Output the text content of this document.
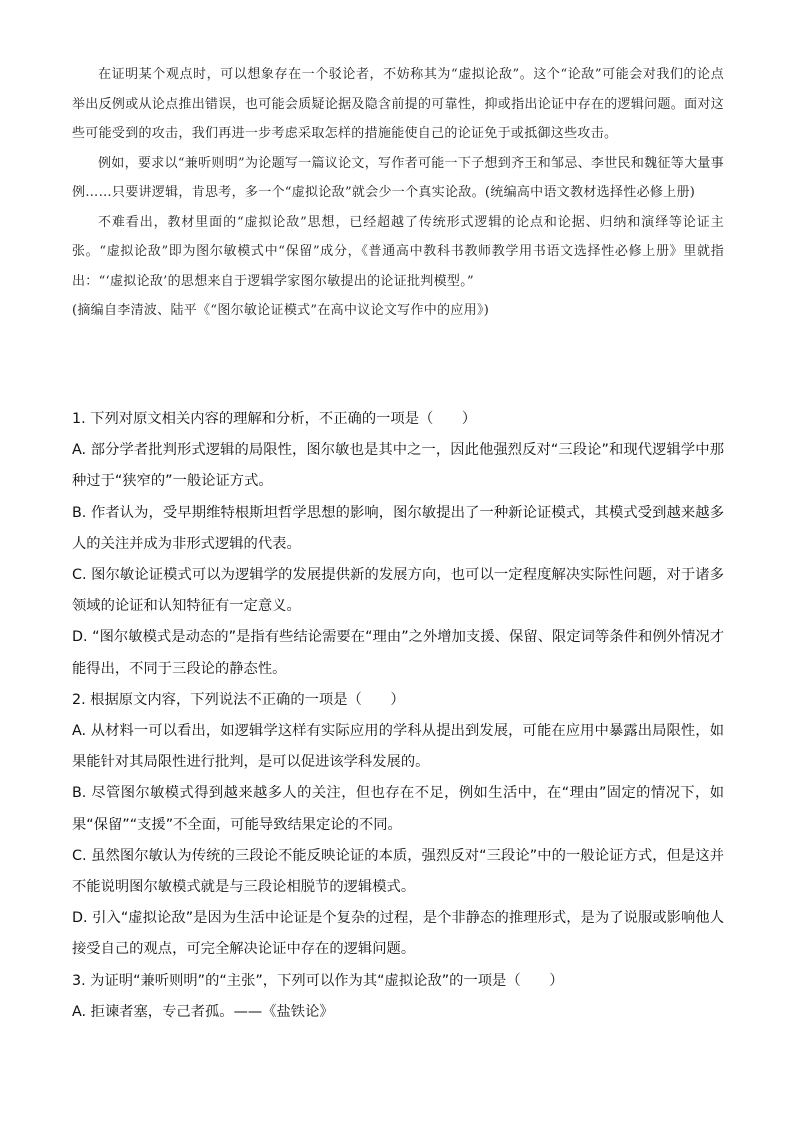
在证明某个观点时，可以想象存在一个驳论者，不妨称其为“虚拟论敌”。这个“论敌”可能会对我们的论点举出反例或从论点推出错误，也可能会质疑论据及隐含前提的可靠性，抑或指出论证中存在的逻辑问题。面对这些可能受到的攻击，我们再进一步考虑采取怎样的措施能使自己的论证免于或抵御这些攻击。

例如，要求以“兼听则明”为论题写一篇议论文，写作者可能一下子想到齐王和邹忌、李世民和魏征等大量事例……只要讲逻辑，肯思考，多一个“虚拟论敌”就会少一个真实论敌。(统编高中语文教材选择性必修上册)

不难看出，教材里面的“虚拟论敌”思想，已经超越了传统形式逻辑的论点和论据、归纳和演绎等论证主张。“虚拟论敌”即为图尔敏模式中“保留”成分，《普通高中教科书教师教学用书语文选择性必修上册》里就指出：“‘虚拟论敌’的思想来自于逻辑学家图尔敏提出的论证批判模型。”

(摘编自李清波、陆平《“图尔敏论证模式”在高中议论文写作中的应用》)

1. 下列对原文相关内容的理解和分析，不正确的一项是（　　）

A. 部分学者批判形式逻辑的局限性，图尔敏也是其中之一，因此他强烈反对“三段论”和现代逻辑学中那种过于“狭窄的”一般论证方式。

B. 作者认为，受早期维特根斯坦哲学思想的影响，图尔敏提出了一种新论证模式，其模式受到越来越多人的关注并成为非形式逻辑的代表。

C. 图尔敏论证模式可以为逻辑学的发展提供新的发展方向，也可以一定程度解决实际性问题，对于诸多领域的论证和认知特征有一定意义。

D. “图尔敏模式是动态的”是指有些结论需要在“理由”之外增加支援、保留、限定词等条件和例外情况才能得出，不同于三段论的静态性。

2. 根据原文内容，下列说法不正确的一项是（　　）

A. 从材料一可以看出，如逻辑学这样有实际应用的学科从提出到发展，可能在应用中暴露出局限性，如果能针对其局限性进行批判，是可以促进该学科发展的。

B. 尽管图尔敏模式得到越来越多人的关注，但也存在不足，例如生活中，在“理由”固定的情况下，如果“保留”“支援”不全面，可能导致结果定论的不同。

C. 虽然图尔敏认为传统的三段论不能反映论证的本质，强烈反对“三段论”中的一般论证方式，但是这并不能说明图尔敏模式就是与三段论相脱节的逻辑模式。

D. 引入“虚拟论敌”是因为生活中论证是个复杂的过程，是个非静态的推理形式，是为了说服或影响他人接受自己的观点，可完全解决论证中存在的逻辑问题。

3. 为证明“兼听则明”的“主张”，下列可以作为其“虚拟论敌”的一项是（　　）

A. 拒谏者塞，专己者孤。——《盐铁论》
